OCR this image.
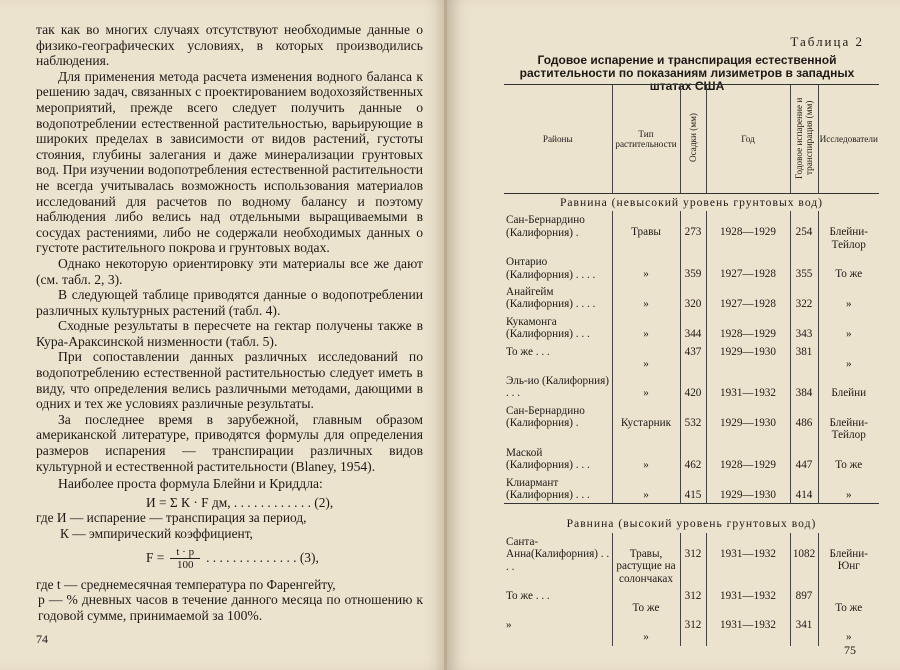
так как во многих случаях отсутствуют необходимые данные о физико-географических условиях, в которых производились наблюдения.

Для применения метода расчета изменения водного баланса к решению задач, связанных с проектированием водохозяйственных мероприятий, прежде всего следует получить данные о водопотреблении естественной растительностью, варьирующие в широких пределах в зависимости от видов растений, густоты стояния, глубины залегания и даже минерализации грунтовых вод. При изучении водопотребления естественной растительности не всегда учитывалась возможность использования материалов исследований для расчетов по водному балансу и поэтому наблюдения либо велись над отдельными выращиваемыми в сосудах растениями, либо не содержали необходимых данных о густоте растительного покрова и грунтовых водах.

Однако некоторую ориентировку эти материалы все же дают (см. табл. 2, 3).

В следующей таблице приводятся данные о водопотреблении различных культурных растений (табл. 4).

Сходные результаты в пересчете на гектар получены также в Кура-Араксинской низменности (табл. 5).

При сопоставлении данных различных исследований по водопотреблению естественной растительностью следует иметь в виду, что определения велись различными методами, дающими в одних и тех же условиях различные результаты.

За последнее время в зарубежной, главным образом американской литературе, приводятся формулы для определения размеров испарения — транспирации различных видов культурной и естественной растительности (Blaney, 1954).

Наиболее проста формула Блейни и Криддла:

И = Σ К · F дм, . . . . . . . . . . . . (2),
где И — испарение — транспирация за период,
К — эмпирический коэффициент,
$F = \frac{t \cdot p}{100}$ . . . . . . . . . . . . . . (3),
где t — среднемесячная температура по Фаренгейту,

p — % дневных часов в течение данного месяца по отношению к годовой сумме, принимаемой за 100%.

74
Таблица 2
Годовое испарение и транспирация естественной растительности по показаниям лизиметров в западных штатах США
Районы	Тип растительности	Осадки (мм)	Год	Годовое испарение и транспирация (мм)	Исследователи
Равнина (невысокий уровень грунтовых вод)					
Сан-Бернардино (Калифорния) .	Травы	273	1928—1929	254	Блейни-Тейлор
Онтарио (Калифорния) . . . .	»	359	1927—1928	355	То же
Анайгейм (Калифорния) . . . .	»	320	1927—1928	322	»
Кукамонга (Калифорния) . . .	»	344	1928—1929	343	»
То же . . .	»	437	1929—1930	381	»
Эль-ио (Калифорния) . . .	»	420	1931—1932	384	Блейни
Сан-Бернардино (Калифорния) .	Кустарник	532	1929—1930	486	Блейни-Тейлор
Маской (Калифорния) . . .	»	462	1928—1929	447	То же
Клиармант (Калифорния) . . .	»	415	1929—1930	414	»

Равнина (высокий уровень грунтовых вод)					
Санта-Анна(Калифорния) . . . .	Травы, растущие на солончаках	312	1931—1932	1082	Блейни-Юнг
То же . . .	То же	312	1931—1932	897	То же
»	»	312	1931—1932	341	»
75
